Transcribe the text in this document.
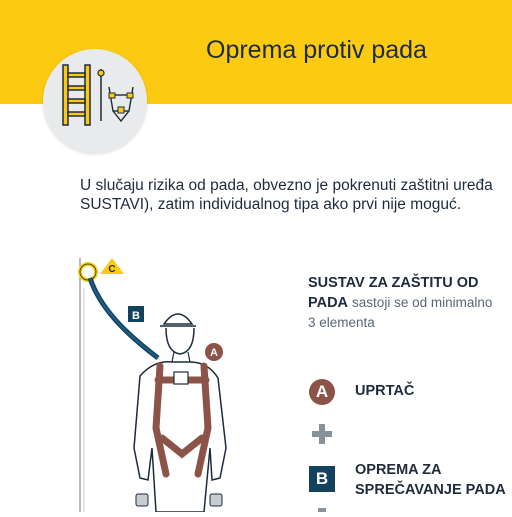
Oprema protiv pada
U slučaju rizika od pada, obvezno je pokrenuti zaštitni uređa
SUSTAVI), zatim individualnog tipa ako prvi nije moguć.
C
B
A
SUSTAV ZA ZAŠTITU OD
PADA sastoji se od minimalno
3 elementa
A	UPRTAČ
B	OPREMA ZA
SPREČAVANJE PADA
